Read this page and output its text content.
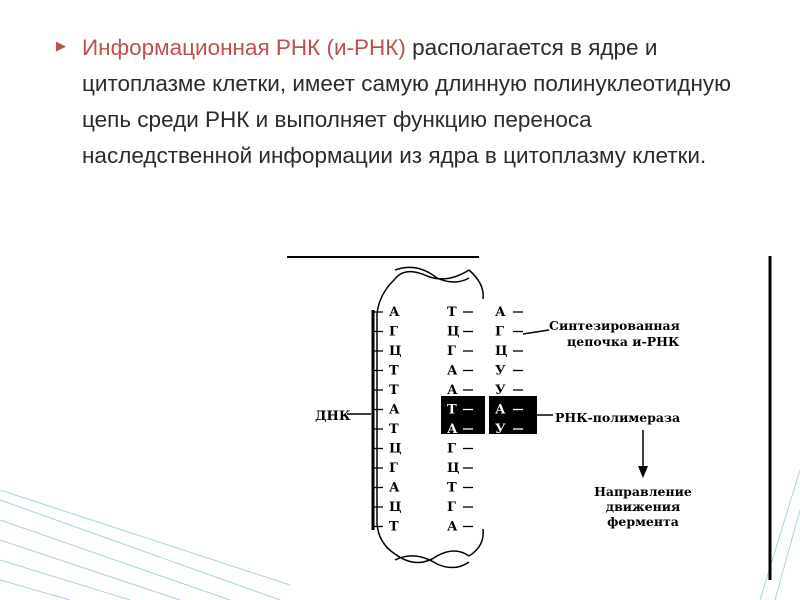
▶ Информационная РНК (и-РНК) располагается в ядре и цитоплазме клетки, имеет самую длинную полинуклеотидную цепь среди РНК и выполняет функцию переноса наследственной информации из ядра в цитоплазму клетки.
ДНК
А
Г
Ц
Т
Т
А
Т
Ц
Г
А
Ц
Т
Т
Ц
Г
А
А
Т
А
Г
Ц
Т
Г
А
А
Г
Ц
У
У
А
У
Синтезированная
цепочка и-РНК
РНК-полимераза
Направление
движения
фермента
